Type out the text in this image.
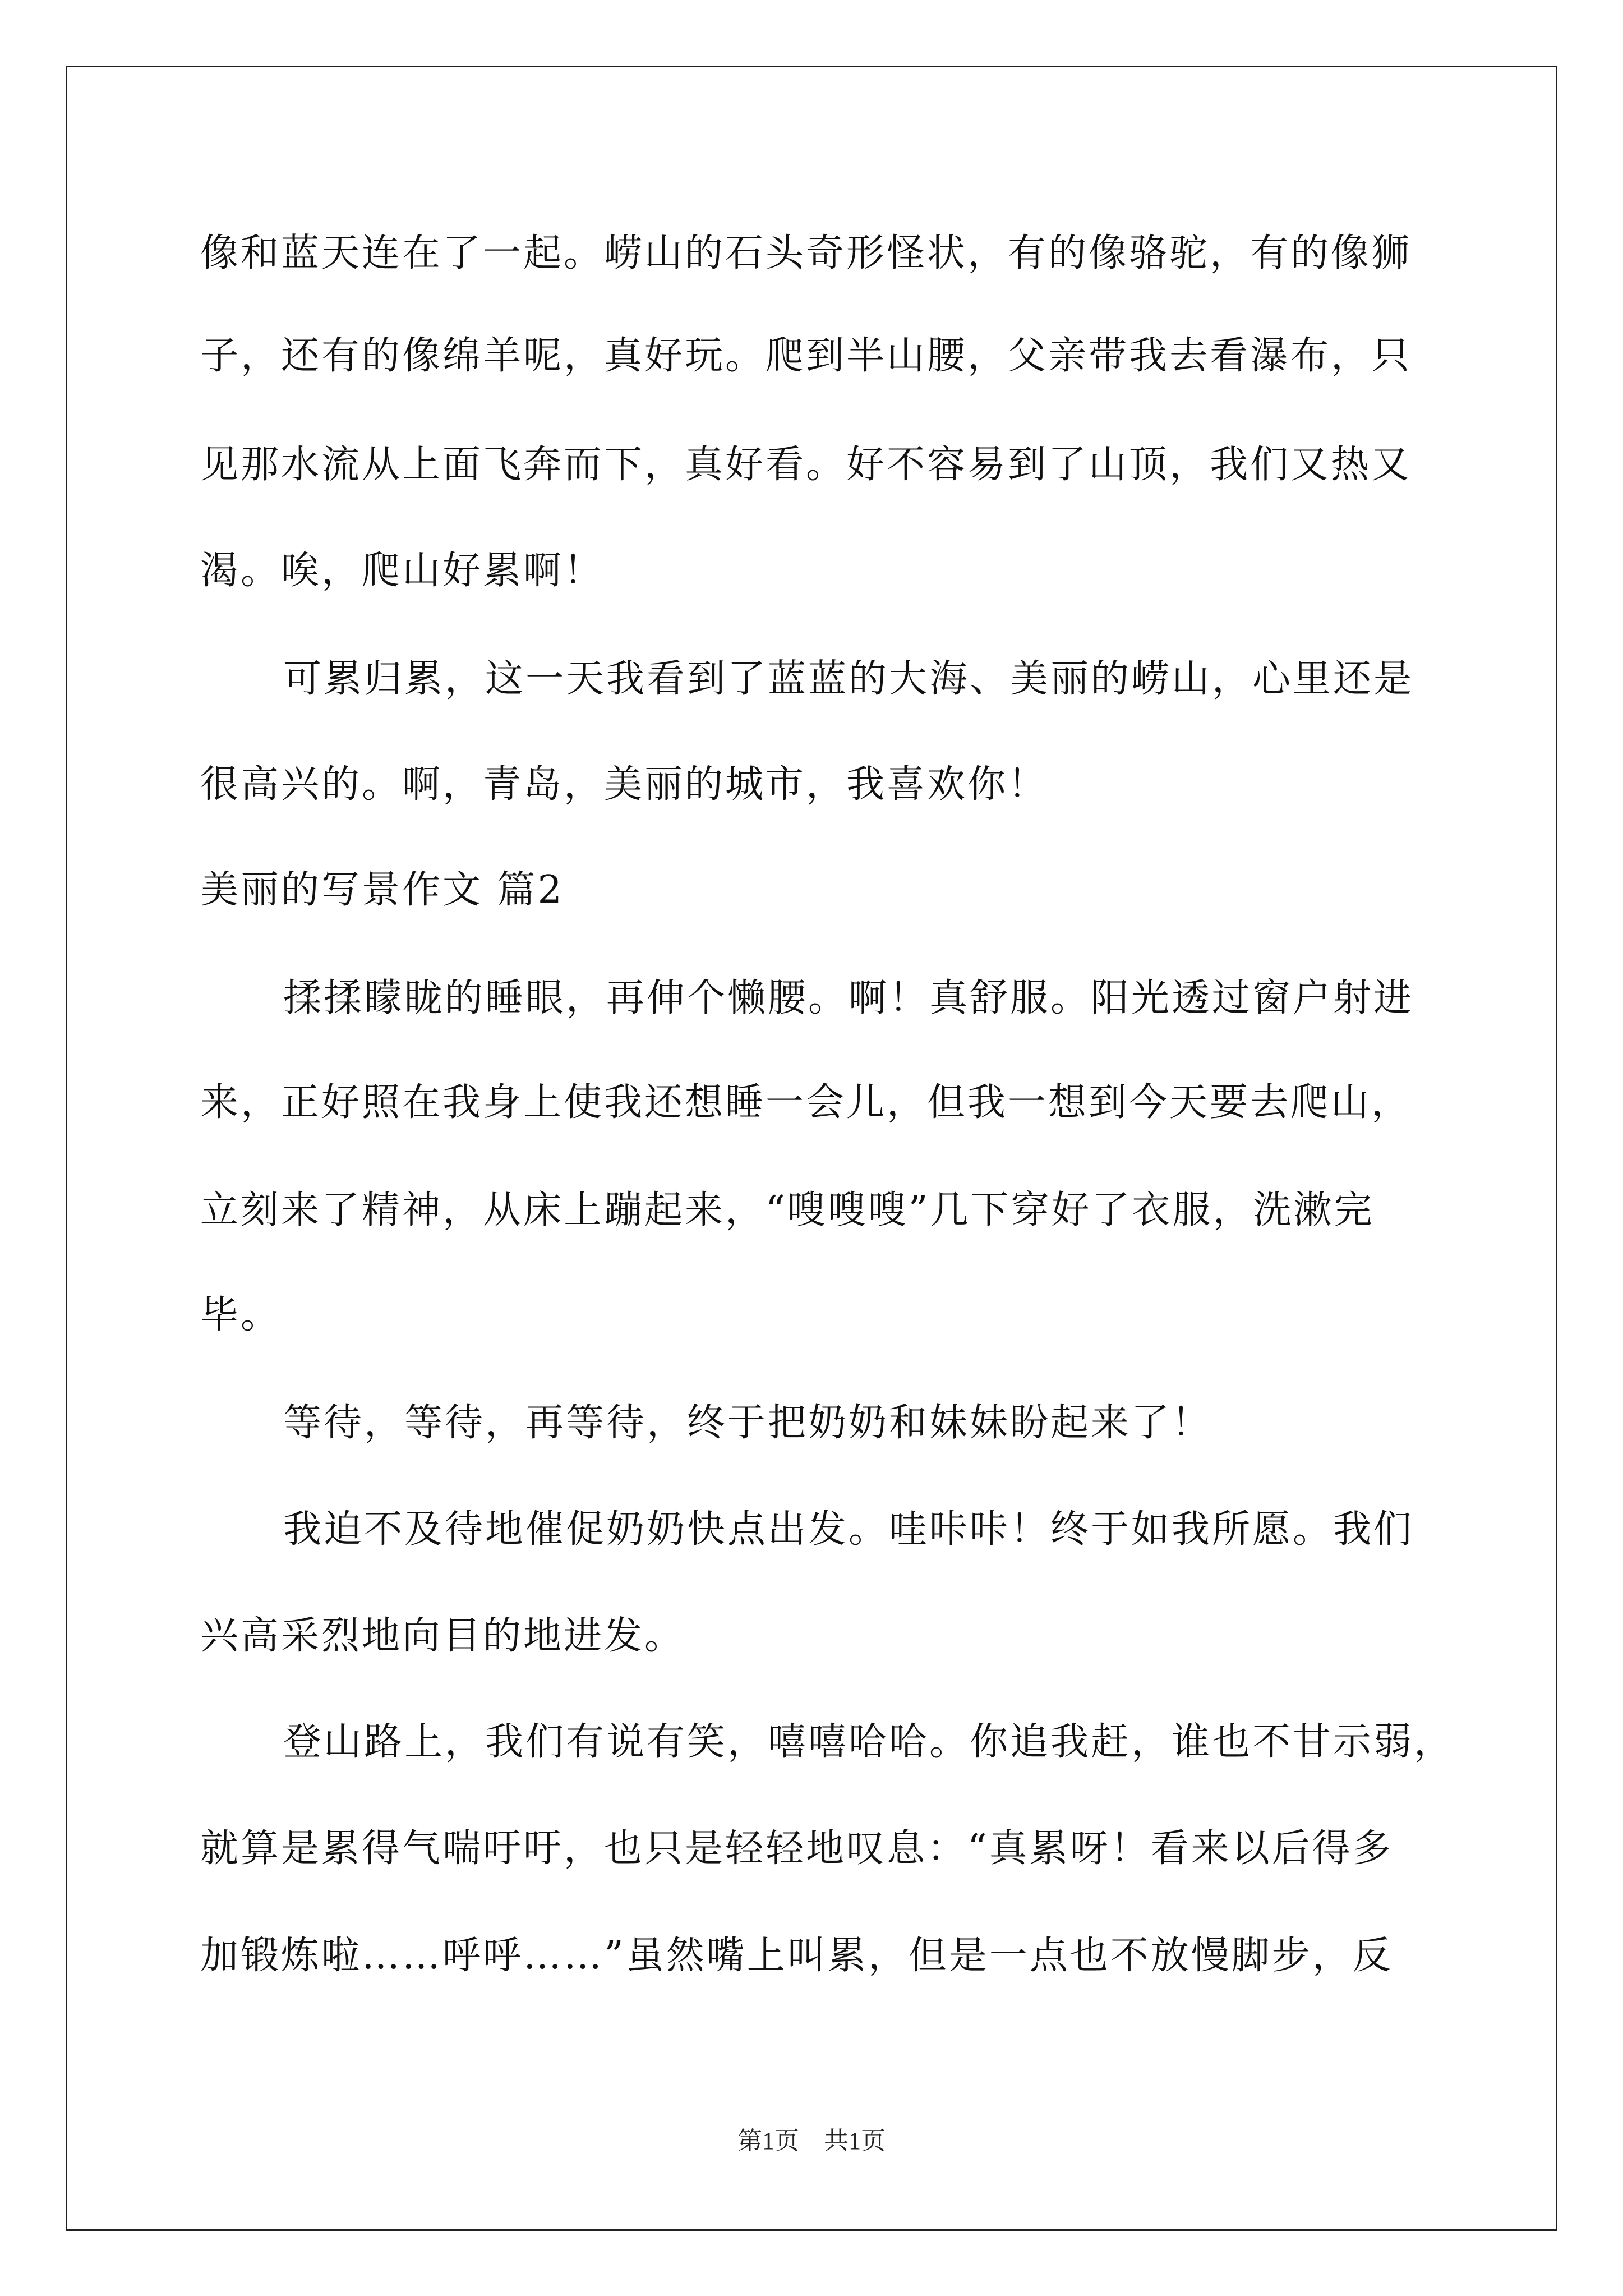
像和蓝天连在了一起。崂山的石头奇形怪状，有的像骆驼，有的像狮
子，还有的像绵羊呢，真好玩。爬到半山腰，父亲带我去看瀑布，只
见那水流从上面飞奔而下，真好看。好不容易到了山顶，我们又热又
渴。唉，爬山好累啊！
可累归累，这一天我看到了蓝蓝的大海、美丽的崂山，心里还是
很高兴的。啊，青岛，美丽的城市，我喜欢你！
美丽的写景作文 篇2
揉揉矇眬的睡眼，再伸个懒腰。啊！真舒服。阳光透过窗户射进
来，正好照在我身上使我还想睡一会儿，但我一想到今天要去爬山，
立刻来了精神，从床上蹦起来，“嗖嗖嗖”几下穿好了衣服，洗漱完
毕。
等待，等待，再等待，终于把奶奶和妹妹盼起来了！
我迫不及待地催促奶奶快点出发。哇咔咔！终于如我所愿。我们
兴高采烈地向目的地进发。
登山路上，我们有说有笑，嘻嘻哈哈。你追我赶，谁也不甘示弱，
就算是累得气喘吁吁，也只是轻轻地叹息：“真累呀！看来以后得多
加锻炼啦……呼呼……”虽然嘴上叫累，但是一点也不放慢脚步，反
第1页　共1页
